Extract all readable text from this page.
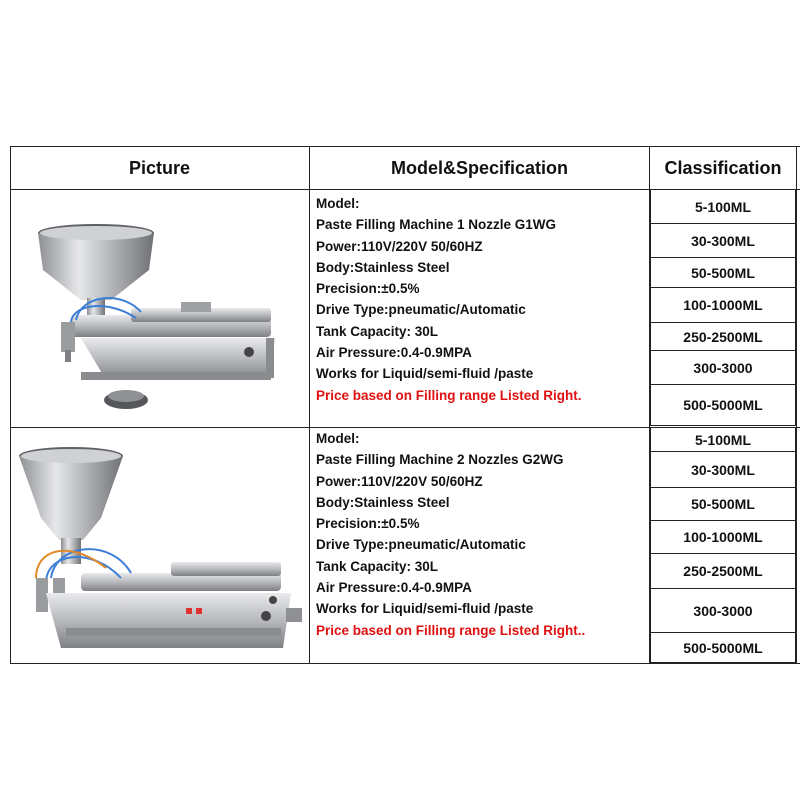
Picture	Model&Specification	Classification
Model:
Paste Filling Machine 1 Nozzle G1WG
Power:110V/220V 50/60HZ
Body:Stainless Steel
Precision:±0.5%
Drive Type:pneumatic/Automatic
Tank Capacity: 30L
Air Pressure:0.4-0.9MPA
Works for Liquid/semi-fluid /paste
Price based on Filling range Listed Right.
5-100ML
30-300ML
50-500ML
100-1000ML
250-2500ML
300-3000
500-5000ML
Model:
Paste Filling Machine 2 Nozzles G2WG
Power:110V/220V 50/60HZ
Body:Stainless Steel
Precision:±0.5%
Drive Type:pneumatic/Automatic
Tank Capacity: 30L
Air Pressure:0.4-0.9MPA
Works for Liquid/semi-fluid /paste
Price based on Filling range Listed Right..
5-100ML
30-300ML
50-500ML
100-1000ML
250-2500ML
300-3000
500-5000ML
